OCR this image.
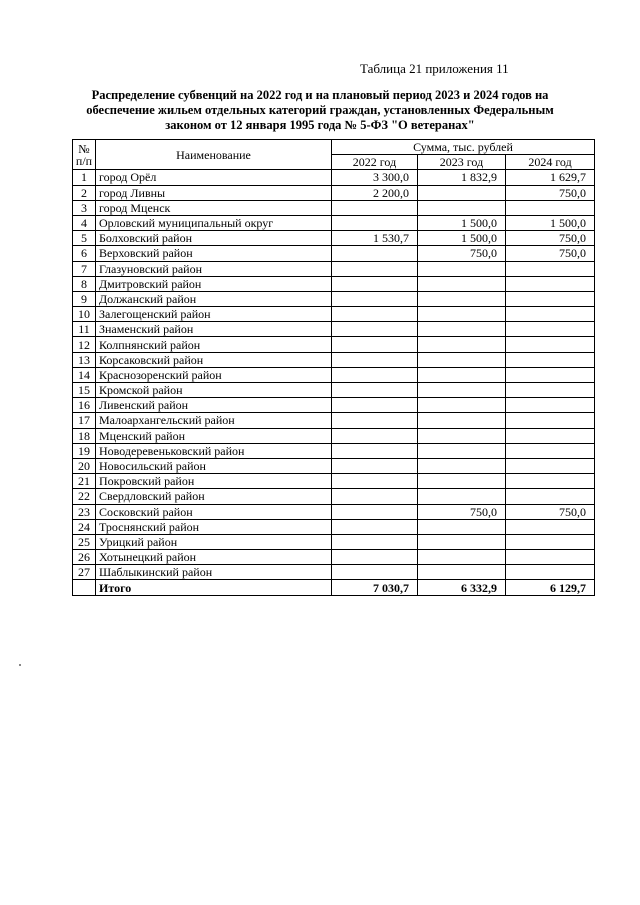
Таблица 21 приложения 11
Распределение субвенций на 2022 год и на плановый период 2023 и 2024 годов на
обеспечение жильем отдельных категорий граждан, установленных Федеральным
законом от 12 января 1995 года № 5-ФЗ "О ветеранах"
№
п/п	Наименование	Сумма, тыс. рублей		
		2022 год	2023 год	2024 год
1	город Орёл	3 300,0	1 832,9	1 629,7
2	город Ливны	2 200,0		750,0
3	город Мценск			
4	Орловский муниципальный округ		1 500,0	1 500,0
5	Болховский район	1 530,7	1 500,0	750,0
6	Верховский район		750,0	750,0
7	Глазуновский район			
8	Дмитровский район			
9	Должанский район			
10	Залегощенский район			
11	Знаменский район			
12	Колпнянский район			
13	Корсаковский район			
14	Краснозоренский район			
15	Кромской район			
16	Ливенский район			
17	Малоархангельский район			
18	Мценский район			
19	Новодеревеньковский район			
20	Новосильский район			
21	Покровский район			
22	Свердловский район			
23	Сосковский район		750,0	750,0
24	Троснянский район			
25	Урицкий район			
26	Хотынецкий район			
27	Шаблыкинский район			
	Итого	7 030,7	6 332,9	6 129,7
